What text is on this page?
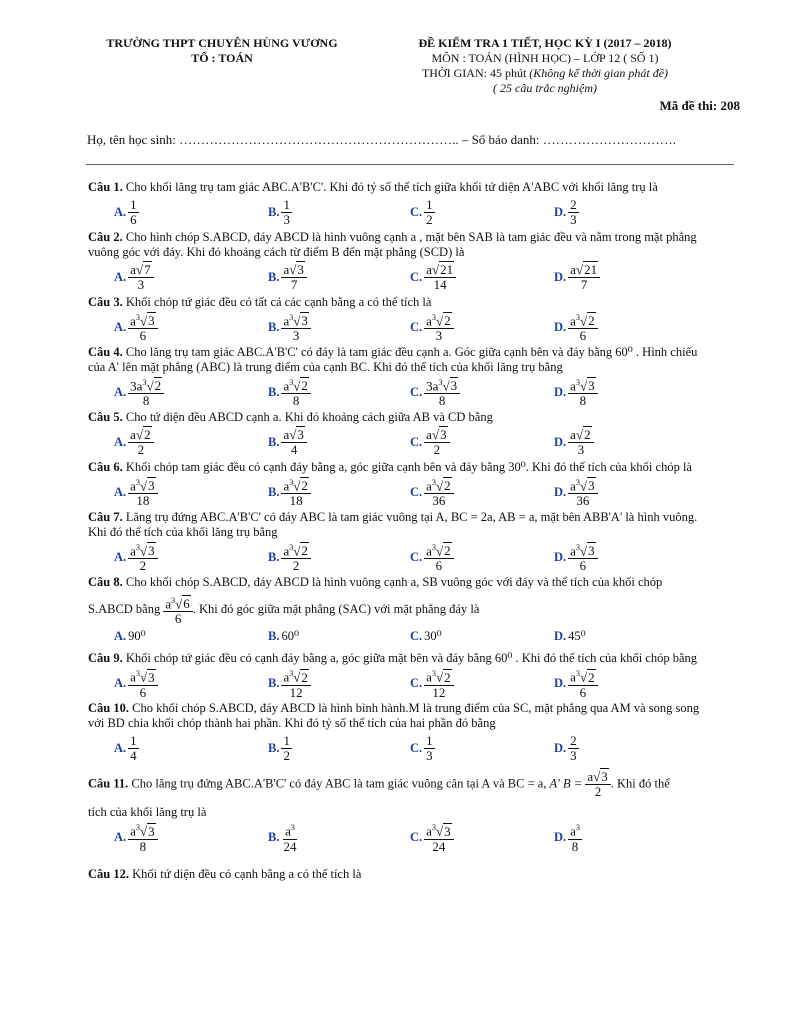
TRƯỜNG THPT CHUYÊN HÙNG VƯƠNG
TỔ : TOÁN
ĐỀ KIỂM TRA 1 TIẾT, HỌC KỲ I (2017 – 2018)
MÔN : TOÁN (HÌNH HỌC) – LỚP 12 ( SỐ 1)
THỜI GIAN: 45 phút (Không kể thời gian phát đề)
( 25 câu trắc nghiệm)
Mã đề thi: 208
Họ, tên học sinh: ……………………………………………………….. – Số báo danh: ………………………….
Câu 1. Cho khối lăng trụ tam giác ABC.A'B'C'. Khi đó tỷ số thể tích giữa khối tứ diện A'ABC với khối lăng trụ là
A. $\frac{1}{6}$	B. $\frac{1}{3}$	C. $\frac{1}{2}$	D. $\frac{2}{3}$
Câu 2. Cho hình chóp S.ABCD, đáy ABCD là hình vuông cạnh a , mặt bên SAB là tam giác đều và nằm trong mặt phẳng vuông góc với đáy. Khi đó khoảng cách từ điểm B đến mặt phẳng (SCD) là
A. $\frac{a√7}{3}$	B. $\frac{a√3}{7}$	C. $\frac{a√21}{14}$	D. $\frac{a√21}{7}$
Câu 3. Khối chóp tứ giác đều có tất cả các cạnh bằng a có thể tích là
A. $\frac{a^3√3}{6}$	B. $\frac{a^3√3}{3}$	C. $\frac{a^3√2}{3}$	D. $\frac{a^3√2}{6}$
Câu 4. Cho lăng trụ tam giác ABC.A'B'C' có đáy là tam giác đều cạnh a. Góc giữa cạnh bên và đáy bằng 60⁰ . Hình chiếu của A' lên mặt phẳng (ABC) là trung điểm của cạnh BC. Khi đó thể tích của khối lăng trụ bằng
A. $\frac{3a^3√2}{8}$	B. $\frac{a^3√2}{8}$	C. $\frac{3a^3√3}{8}$	D. $\frac{a^3√3}{8}$
Câu 5. Cho tứ diện đều ABCD cạnh a. Khi đó khoảng cách giữa AB và CD bằng
A. $\frac{a√2}{2}$	B. $\frac{a√3}{4}$	C. $\frac{a√3}{2}$	D. $\frac{a√2}{3}$
Câu 6. Khối chóp tam giác đều có cạnh đáy bằng a, góc giữa cạnh bên và đáy bằng 30⁰. Khi đó thể tích của khối chóp là
A. $\frac{a^3√3}{18}$	B. $\frac{a^3√2}{18}$	C. $\frac{a^3√2}{36}$	D. $\frac{a^3√3}{36}$
Câu 7. Lăng trụ đứng ABC.A'B'C' có đáy ABC là tam giác vuông tại A, BC = 2a, AB = a, mặt bên ABB'A' là hình vuông. Khi đó thể tích của khối lăng trụ bằng
A. $\frac{a^3√3}{2}$	B. $\frac{a^3√2}{2}$	C. $\frac{a^3√2}{6}$	D. $\frac{a^3√3}{6}$
Câu 8. Cho khối chóp S.ABCD, đáy ABCD là hình vuông cạnh a, SB vuông góc với đáy và thể tích của khối chóp
S.ABCD bằng $\frac{a^3√6}{6}$ . Khi đó góc giữa mặt phẳng (SAC) với mặt phẳng đáy là
A. 90⁰	B. 60⁰	C. 30⁰	D. 45⁰
Câu 9. Khối chóp tứ giác đều có cạnh đáy bằng a, góc giữa mặt bên và đáy bằng 60⁰ . Khi đó thể tích của khối chóp bằng
A. $\frac{a^3√3}{6}$	B. $\frac{a^3√2}{12}$	C. $\frac{a^3√2}{12}$	D. $\frac{a^3√2}{6}$
Câu 10. Cho khối chóp S.ABCD, đáy ABCD là hình bình hành.M là trung điểm của SC, mặt phẳng qua AM và song song với BD chia khối chóp thành hai phần. Khi đó tỷ số thể tích của hai phần đó bằng
A. $\frac{1}{4}$	B. $\frac{1}{2}$	C. $\frac{1}{3}$	D. $\frac{2}{3}$
Câu 11. Cho lăng trụ đứng ABC.A'B'C' có đáy ABC là tam giác vuông cân tại A và BC = a, A' $B = \frac{a√3}{2}$ . Khi đó thể
tích của khối lăng trụ là
A. $\frac{a^3√3}{8}$	B. $\frac{a^3}{24}$	C. $\frac{a^3√3}{24}$	D. $\frac{a^3}{8}$
Câu 12. Khối tứ diện đều có cạnh bằng a có thể tích là
